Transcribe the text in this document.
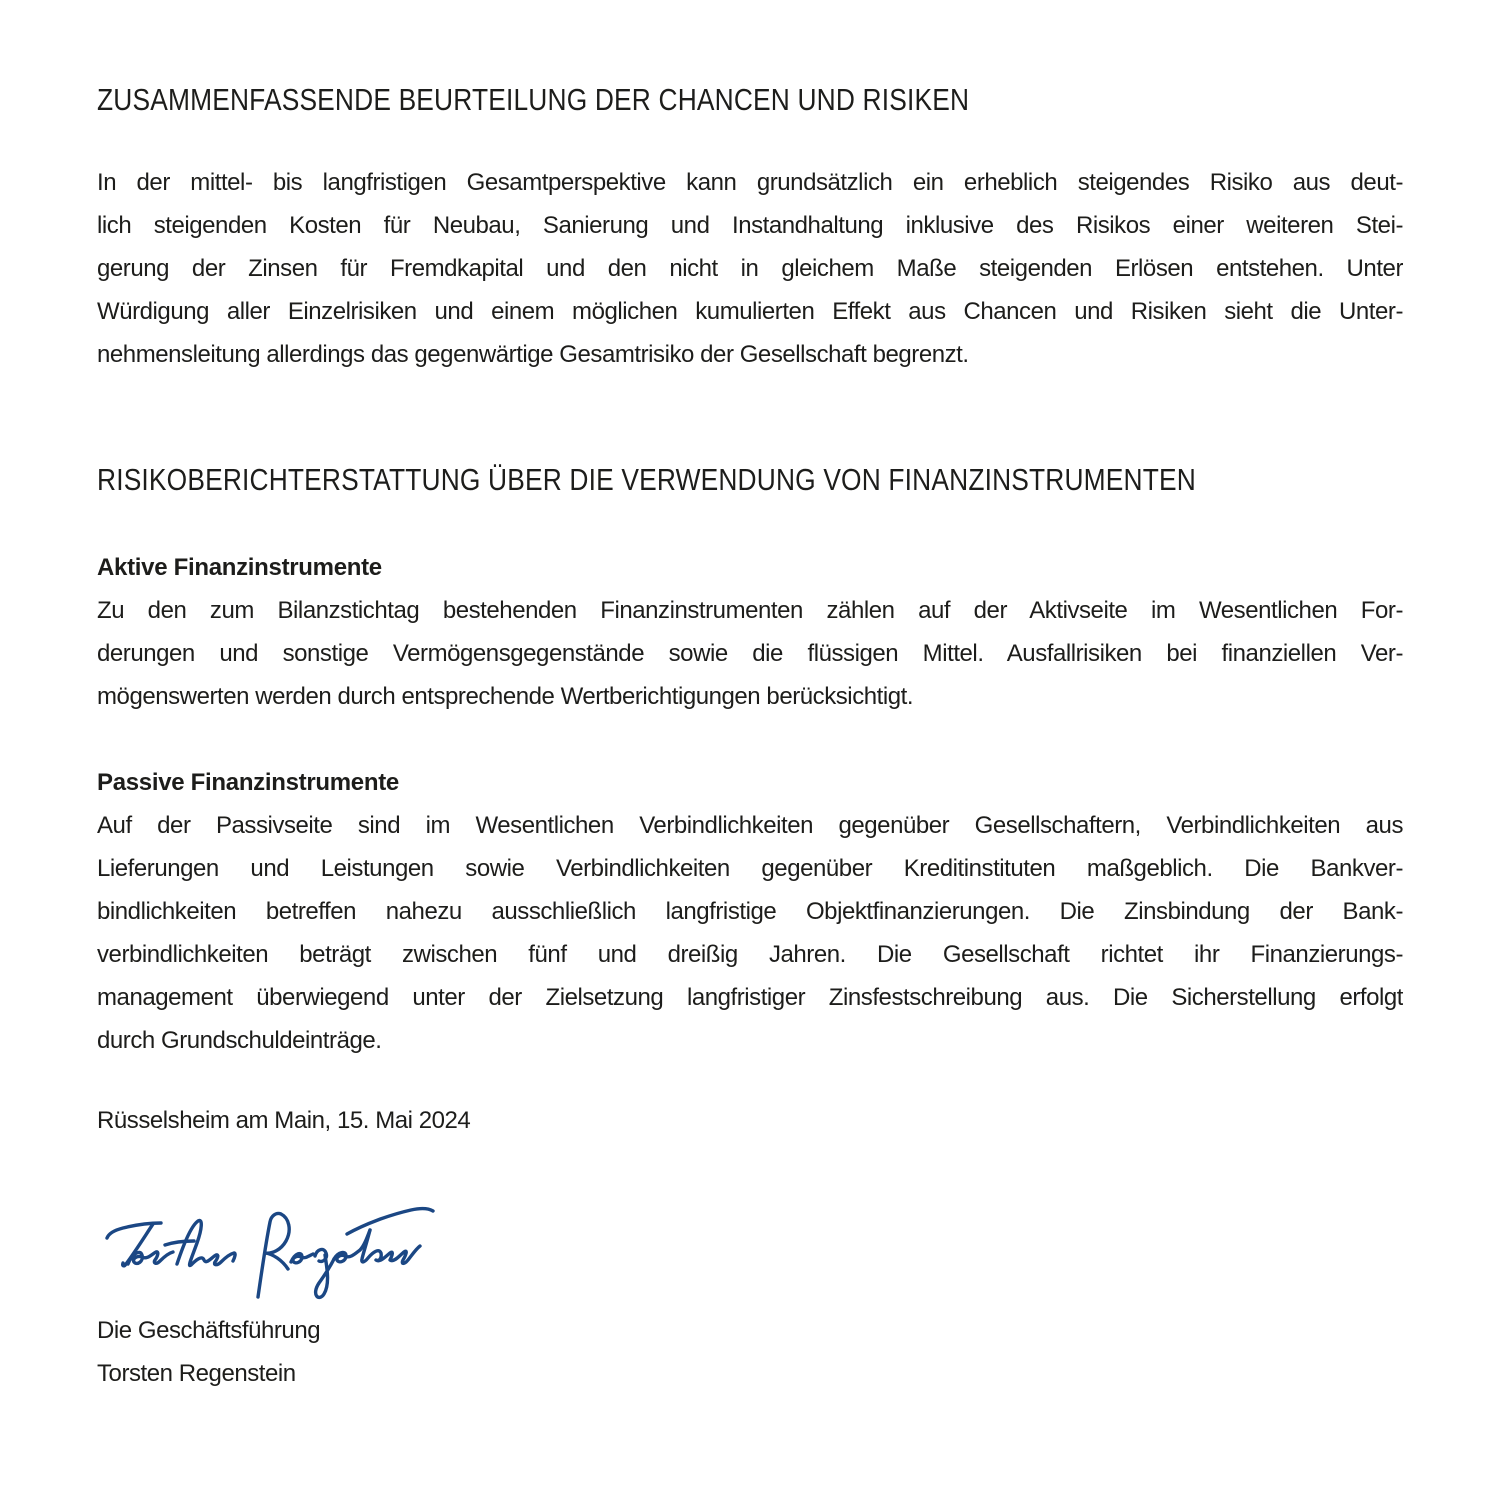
ZUSAMMENFASSENDE BEURTEILUNG DER CHANCEN UND RISIKEN
In der mittel- bis langfristigen Gesamtperspektive kann grundsätzlich ein erheblich steigendes Risiko aus deut-
lich steigenden Kosten für Neubau, Sanierung und Instandhaltung inklusive des Risikos einer weiteren Stei-
gerung der Zinsen für Fremdkapital und den nicht in gleichem Maße steigenden Erlösen entstehen. Unter
Würdigung aller Einzelrisiken und einem möglichen kumulierten Effekt aus Chancen und Risiken sieht die Unter-
nehmensleitung allerdings das gegenwärtige Gesamtrisiko der Gesellschaft begrenzt.
RISIKOBERICHTERSTATTUNG ÜBER DIE VERWENDUNG VON FINANZINSTRUMENTEN
Aktive Finanzinstrumente
Zu den zum Bilanzstichtag bestehenden Finanzinstrumenten zählen auf der Aktivseite im Wesentlichen For-
derungen und sonstige Vermögensgegenstände sowie die flüssigen Mittel. Ausfallrisiken bei finanziellen Ver-
mögenswerten werden durch entsprechende Wertberichtigungen berücksichtigt.
Passive Finanzinstrumente
Auf der Passivseite sind im Wesentlichen Verbindlichkeiten gegenüber Gesellschaftern, Verbindlichkeiten aus
Lieferungen und Leistungen sowie Verbindlichkeiten gegenüber Kreditinstituten maßgeblich. Die Bankver-
bindlichkeiten betreffen nahezu ausschließlich langfristige Objektfinanzierungen. Die Zinsbindung der Bank-
verbindlichkeiten beträgt zwischen fünf und dreißig Jahren. Die Gesellschaft richtet ihr Finanzierungs-
management überwiegend unter der Zielsetzung langfristiger Zinsfestschreibung aus. Die Sicherstellung erfolgt
durch Grundschuldeinträge.
Rüsselsheim am Main, 15. Mai 2024
Die Geschäftsführung
Torsten Regenstein
